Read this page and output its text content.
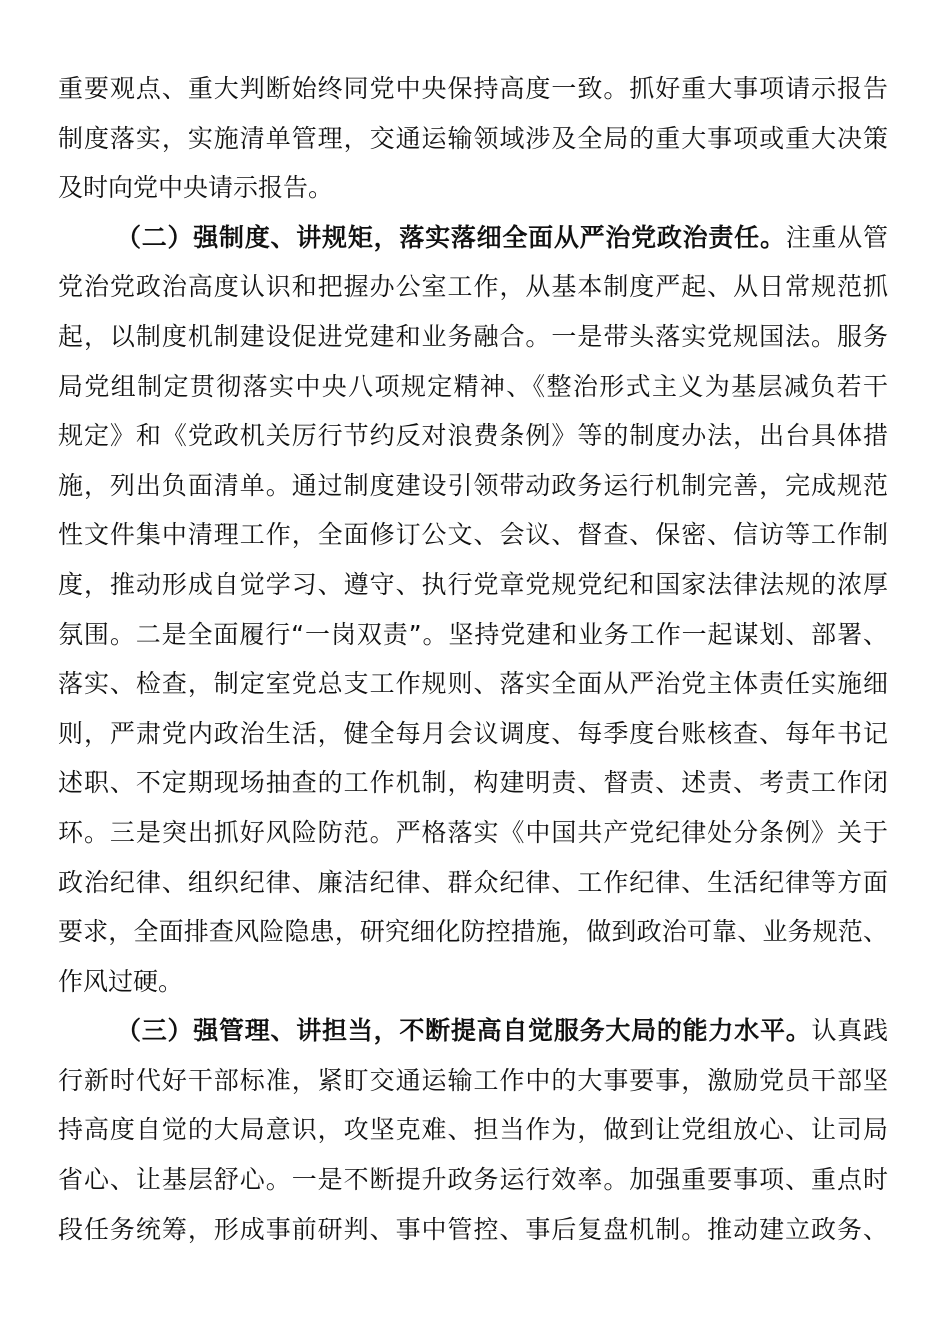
重要观点、重大判断始终同党中央保持高度一致。抓好重大事项请示报告
制度落实，实施清单管理，交通运输领域涉及全局的重大事项或重大决策
及时向党中央请示报告。
（二）强制度、讲规矩，落实落细全面从严治党政治责任。注重从管
党治党政治高度认识和把握办公室工作，从基本制度严起、从日常规范抓
起，以制度机制建设促进党建和业务融合。一是带头落实党规国法。服务
局党组制定贯彻落实中央八项规定精神、《整治形式主义为基层减负若干
规定》和《党政机关厉行节约反对浪费条例》等的制度办法，出台具体措
施，列出负面清单。通过制度建设引领带动政务运行机制完善，完成规范
性文件集中清理工作，全面修订公文、会议、督查、保密、信访等工作制
度，推动形成自觉学习、遵守、执行党章党规党纪和国家法律法规的浓厚
氛围。二是全面履行“一岗双责”。坚持党建和业务工作一起谋划、部署、
落实、检查，制定室党总支工作规则、落实全面从严治党主体责任实施细
则，严肃党内政治生活，健全每月会议调度、每季度台账核查、每年书记
述职、不定期现场抽查的工作机制，构建明责、督责、述责、考责工作闭
环。三是突出抓好风险防范。严格落实《中国共产党纪律处分条例》关于
政治纪律、组织纪律、廉洁纪律、群众纪律、工作纪律、生活纪律等方面
要求，全面排查风险隐患，研究细化防控措施，做到政治可靠、业务规范、
作风过硬。
（三）强管理、讲担当，不断提高自觉服务大局的能力水平。认真践
行新时代好干部标准，紧盯交通运输工作中的大事要事，激励党员干部坚
持高度自觉的大局意识，攻坚克难、担当作为，做到让党组放心、让司局
省心、让基层舒心。一是不断提升政务运行效率。加强重要事项、重点时
段任务统筹，形成事前研判、事中管控、事后复盘机制。推动建立政务、
